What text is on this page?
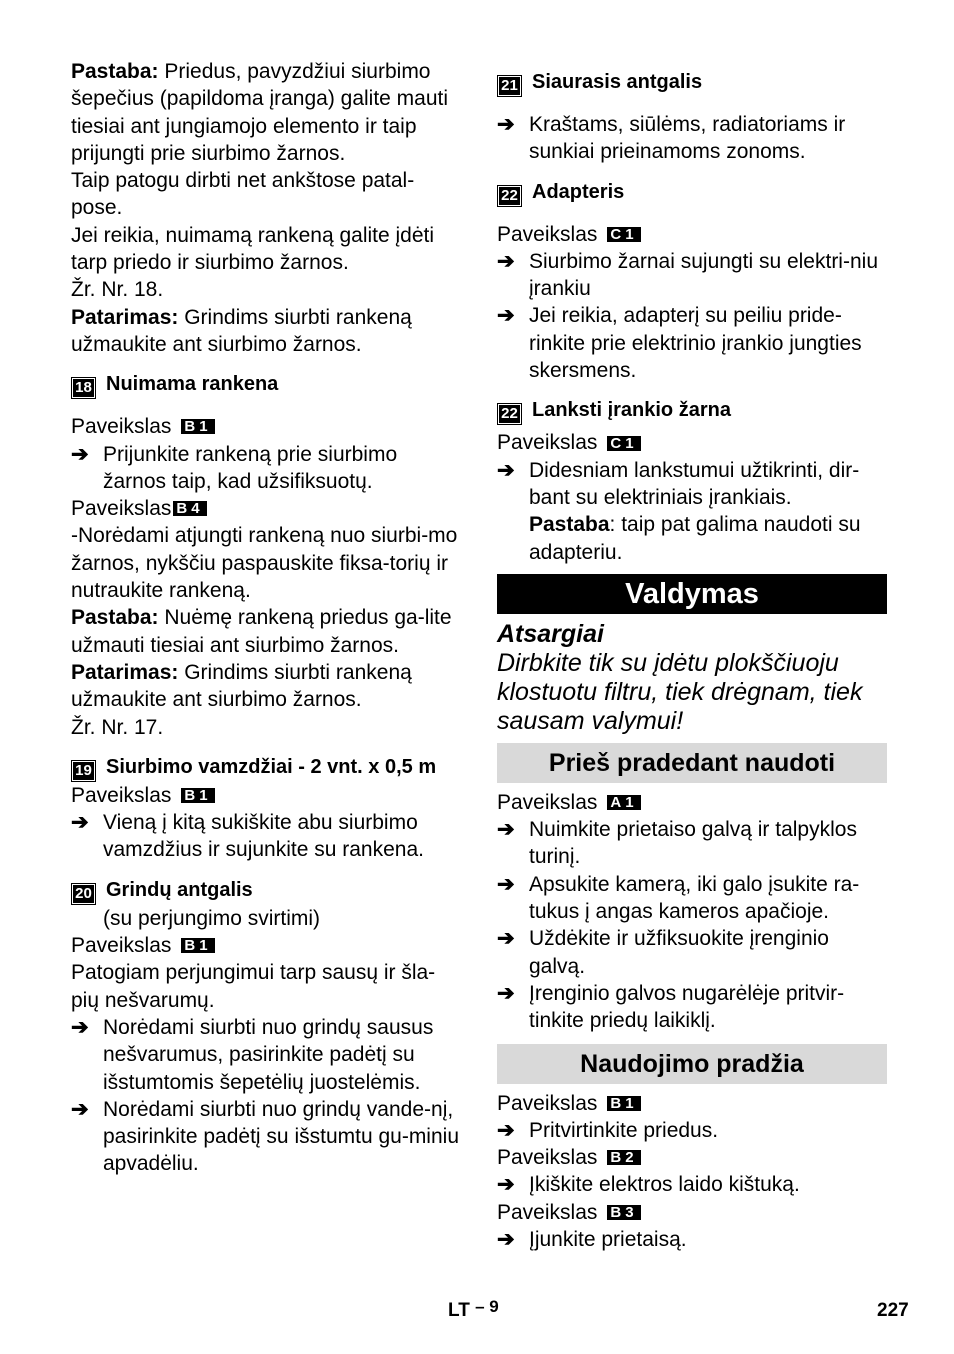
Pastaba: Priedus, pavyzdžiui siurbimo šepečius (papildoma įranga) galite mauti tiesiai ant jungiamojo elemento ir taip prijungti prie siurbimo žarnos.

Taip patogu dirbti net ankštose patal-pose.

Jei reikia, nuimamą rankeną galite įdėti tarp priedo ir siurbimo žarnos.

Žr. Nr. 18.

Patarimas: Grindims siurbti rankeną užmaukite ant siurbimo žarnos.

18 Nuimama rankena

Paveikslas B1

➔ Prijunkite rankeną prie siurbimo žarnos taip, kad užsifiksuotų.

Paveikslas B4

-Norėdami atjungti rankeną nuo siurbi-mo žarnos, nykščiu paspauskite fiksa-torių ir nutraukite rankeną.

Pastaba: Nuėmę rankeną priedus ga-lite užmauti tiesiai ant siurbimo žarnos.

Patarimas: Grindims siurbti rankeną užmaukite ant siurbimo žarnos.

Žr. Nr. 17.

19 Siurbimo vamzdžiai - 2 vnt. x 0,5 m

Paveikslas B1

➔ Vieną į kitą sukiškite abu siurbimo vamzdžius ir sujunkite su rankena.
20 Grindų antgalis

(su perjungimo svirtimi)

Paveikslas B1

Patogiam perjungimui tarp sausų ir šla-pių nešvarumų.

➔ Norėdami siurbti nuo grindų sausus nešvarumus, pasirinkite padėtį su išstumtomis šepetėlių juostelėmis.
➔ Norėdami siurbti nuo grindų vande-nį, pasirinkite padėtį su išstumtu gu-miniu apvadėliu.
21 Siaurasis antgalis
➔ Kraštams, siūlėms, radiatoriams ir sunkiai prieinamoms zonoms.
22 Adapteris

Paveikslas C1

➔ Siurbimo žarnai sujungti su elektri-niu įrankiu
➔ Jei reikia, adapterį su peiliu pride-rinkite prie elektrinio įrankio jungties skersmens.
22 Lanksti įrankio žarna

Paveikslas C1

➔ Didesniam lankstumui užtikrinti, dir-bant su elektriniais įrankiais.

Pastaba: taip pat galima naudoti su adapteriu.

Valdymas
Atsargiai
Dirbkite tik su įdėtu plokščiuoju klostuotu filtru, tiek drėgnam, tiek sausam valymui!
Prieš pradedant naudoti

Paveikslas A1

➔ Nuimkite prietaiso galvą ir talpyklos turinį.
➔ Apsukite kamerą, iki galo įsukite ra-tukus į angas kameros apačioje.
➔ Uždėkite ir užfiksuokite įrenginio galvą.
➔ Įrenginio galvos nugarėlėje pritvir-tinkite priedų laikiklį.
Naudojimo pradžia

Paveikslas B1

➔ Pritvirtinkite priedus.

Paveikslas B2

➔ Įkiškite elektros laido kištuką.

Paveikslas B3

➔ Įjunkite prietaisą.
LT – 9	227
